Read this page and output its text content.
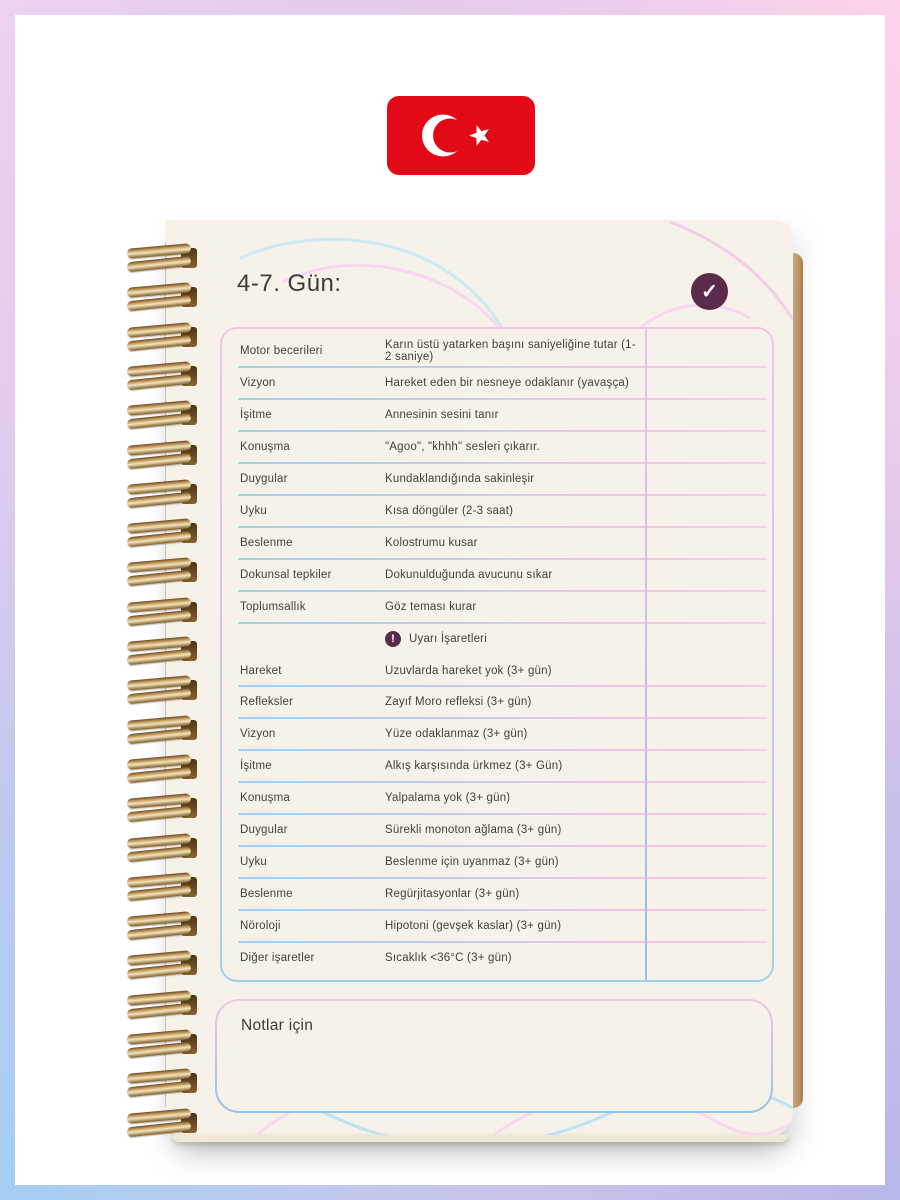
4-7. Gün:	✓
Motor becerileri	Karın üstü yatarken başını saniyeliğine tutar (1-2 saniye)
Vizyon	Hareket eden bir nesneye odaklanır (yavaşça)
İşitme	Annesinin sesini tanır
Konuşma	"Agoo", "khhh" sesleri çıkarır.
Duygular	Kundaklandığında sakinleşir
Uyku	Kısa döngüler (2-3 saat)
Beslenme	Kolostrumu kusar
Dokunsal tepkiler	Dokunulduğunda avucunu sıkar
Toplumsallık	Göz teması kurar
!	Uyarı İşaretleri
Hareket	Uzuvlarda hareket yok (3+ gün)
Refleksler	Zayıf Moro refleksi (3+ gün)
Vizyon	Yüze odaklanmaz (3+ gün)
İşitme	Alkış karşısında ürkmez (3+ Gün)
Konuşma	Yalpalama yok (3+ gün)
Duygular	Sürekli monoton ağlama (3+ gün)
Uyku	Beslenme için uyanmaz (3+ gün)
Beslenme	Regürjitasyonlar (3+ gün)
Nöroloji	Hipotoni (gevşek kaslar) (3+ gün)
Diğer işaretler	Sıcaklık <36°C (3+ gün)
Notlar için
